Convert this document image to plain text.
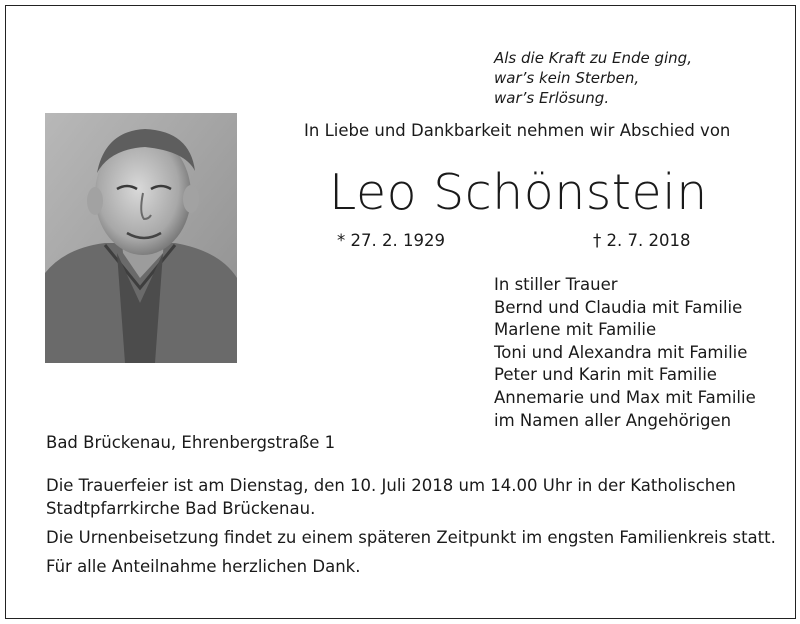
Als die Kraft zu Ende ging,
war’s kein Sterben,
war’s Erlösung.
In Liebe und Dankbarkeit nehmen wir Abschied von
Leo Schönstein
* 27. 2. 1929	† 2. 7. 2018
In stiller Trauer
Bernd und Claudia mit Familie
Marlene mit Familie
Toni und Alexandra mit Familie
Peter und Karin mit Familie
Annemarie und Max mit Familie
im Namen aller Angehörigen
Bad Brückenau, Ehrenbergstraße 1
Die Trauerfeier ist am Dienstag, den 10. Juli 2018 um 14.00 Uhr in der Katholischen
Stadtpfarrkirche Bad Brückenau.
Die Urnenbeisetzung findet zu einem späteren Zeitpunkt im engsten Familienkreis statt.
Für alle Anteilnahme herzlichen Dank.
